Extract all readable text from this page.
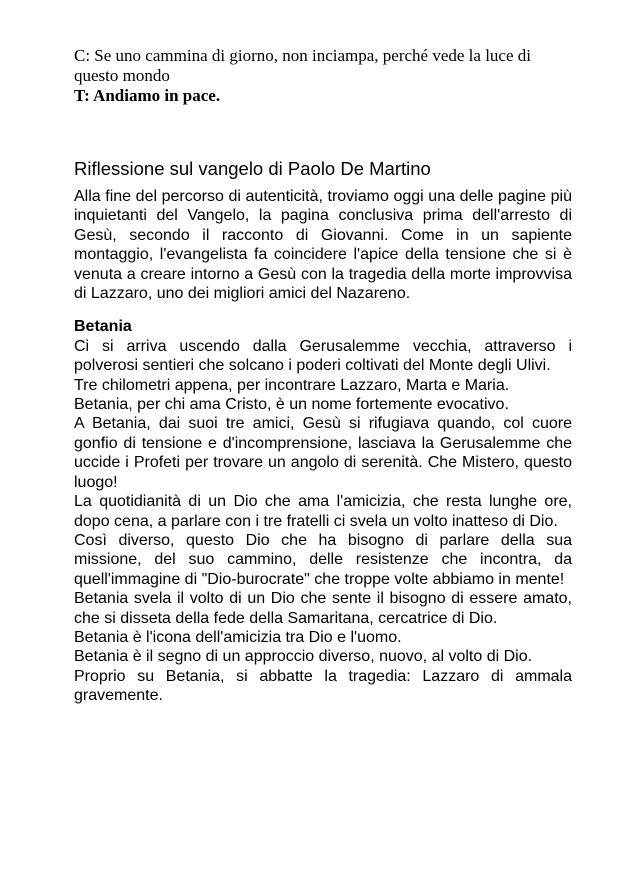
C: Se uno cammina di giorno, non inciampa, perché vede la luce di questo mondo

T: Andiamo in pace.

Riflessione sul vangelo di Paolo De Martino

Alla fine del percorso di autenticità, troviamo oggi una delle pagine più inquietanti del Vangelo, la pagina conclusiva prima dell'arresto di Gesù, secondo il racconto di Giovanni. Come in un sapiente montaggio, l'evangelista fa coincidere l'apice della tensione che si è venuta a creare intorno a Gesù con la tragedia della morte improvvisa di Lazzaro, uno dei migliori amici del Nazareno.

Betania

Ci si arriva uscendo dalla Gerusalemme vecchia, attraverso i polverosi sentieri che solcano i poderi coltivati del Monte degli Ulivi.

Tre chilometri appena, per incontrare Lazzaro, Marta e Maria.

Betania, per chi ama Cristo, è un nome fortemente evocativo.

A Betania, dai suoi tre amici, Gesù si rifugiava quando, col cuore gonfio di tensione e d'incomprensione, lasciava la Gerusalemme che uccide i Profeti per trovare un angolo di serenità. Che Mistero, questo luogo!

La quotidianità di un Dio che ama l'amicizia, che resta lunghe ore, dopo cena, a parlare con i tre fratelli ci svela un volto inatteso di Dio.

Così diverso, questo Dio che ha bisogno di parlare della sua missione, del suo cammino, delle resistenze che incontra, da quell'immagine di "Dio-burocrate" che troppe volte abbiamo in mente!

Betania svela il volto di un Dio che sente il bisogno di essere amato, che si disseta della fede della Samaritana, cercatrice di Dio.

Betania è l'icona dell'amicizia tra Dio e l'uomo.

Betania è il segno di un approccio diverso, nuovo, al volto di Dio.

Proprio su Betania, si abbatte la tragedia: Lazzaro di ammala gravemente.
